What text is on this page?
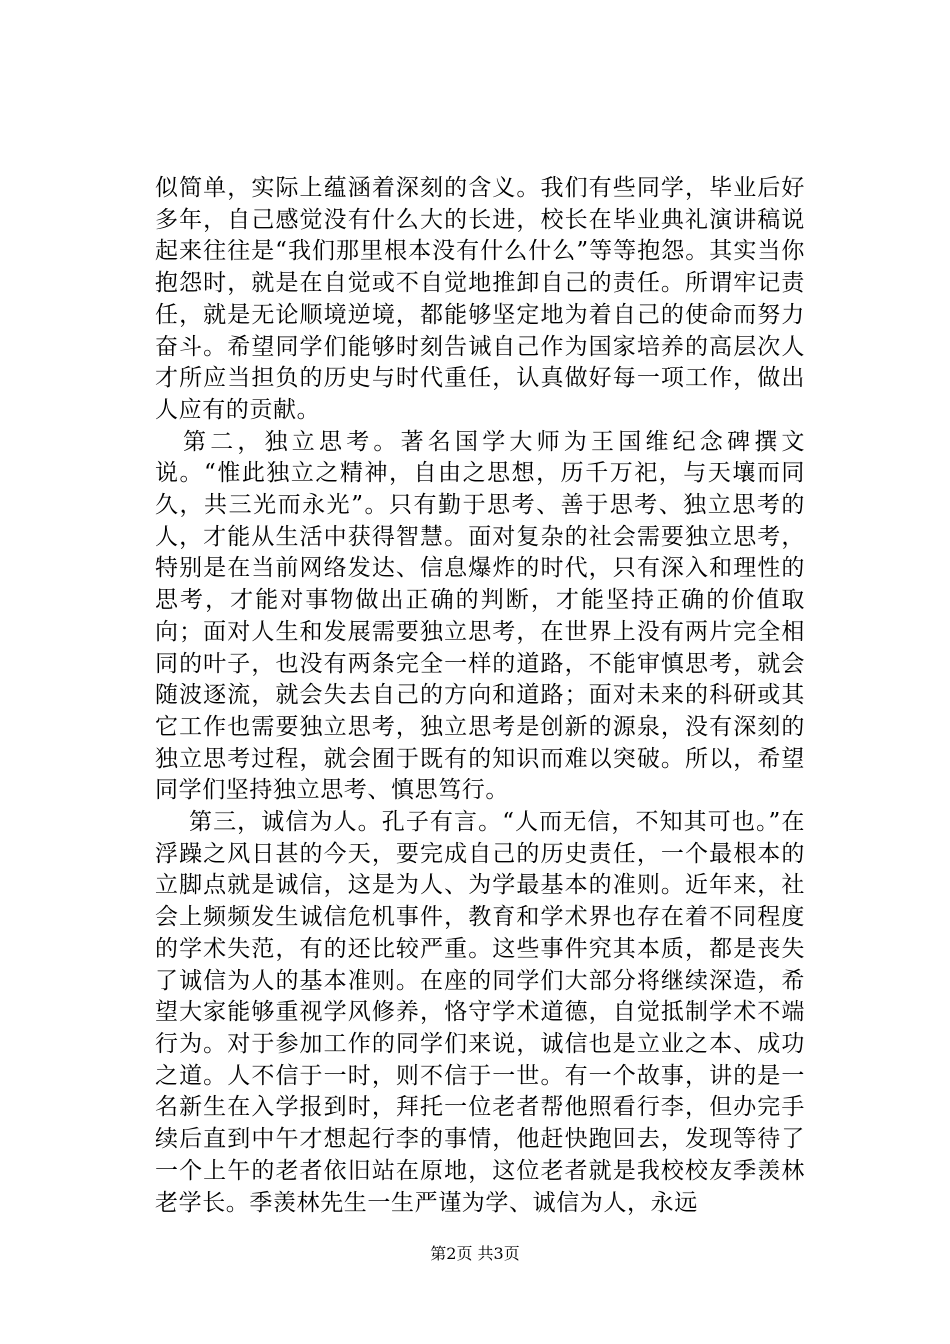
似简单，实际上蕴涵着深刻的含义。我们有些同学，毕业后好多年，自己感觉没有什么大的长进，校长在毕业典礼演讲稿说起来往往是“我们那里根本没有什么什么”等等抱怨。其实当你抱怨时，就是在自觉或不自觉地推卸自己的责任。所谓牢记责任，就是无论顺境逆境，都能够坚定地为着自己的使命而努力奋斗。希望同学们能够时刻告诫自己作为国家培养的高层次人才所应当担负的历史与时代重任，认真做好每一项工作，做出人应有的贡献。

第二，独立思考。著名国学大师为王国维纪念碑撰文说。“惟此独立之精神，自由之思想，历千万祀，与天壤而同久，共三光而永光”。只有勤于思考、善于思考、独立思考的人，才能从生活中获得智慧。面对复杂的社会需要独立思考，特别是在当前网络发达、信息爆炸的时代，只有深入和理性的思考，才能对事物做出正确的判断，才能坚持正确的价值取向；面对人生和发展需要独立思考，在世界上没有两片完全相同的叶子，也没有两条完全一样的道路，不能审慎思考，就会随波逐流，就会失去自己的方向和道路；面对未来的科研或其它工作也需要独立思考，独立思考是创新的源泉，没有深刻的独立思考过程，就会囿于既有的知识而难以突破。所以，希望同学们坚持独立思考、慎思笃行。

第三，诚信为人。孔子有言。“人而无信，不知其可也。”在浮躁之风日甚的今天，要完成自己的历史责任，一个最根本的立脚点就是诚信，这是为人、为学最基本的准则。近年来，社会上频频发生诚信危机事件，教育和学术界也存在着不同程度的学术失范，有的还比较严重。这些事件究其本质，都是丧失了诚信为人的基本准则。在座的同学们大部分将继续深造，希望大家能够重视学风修养，恪守学术道德，自觉抵制学术不端行为。对于参加工作的同学们来说，诚信也是立业之本、成功之道。人不信于一时，则不信于一世。有一个故事，讲的是一名新生在入学报到时，拜托一位老者帮他照看行李，但办完手续后直到中午才想起行李的事情，他赶快跑回去，发现等待了一个上午的老者依旧站在原地，这位老者就是我校校友季羡林老学长。季羡林先生一生严谨为学、诚信为人，永远

第2页 共3页
